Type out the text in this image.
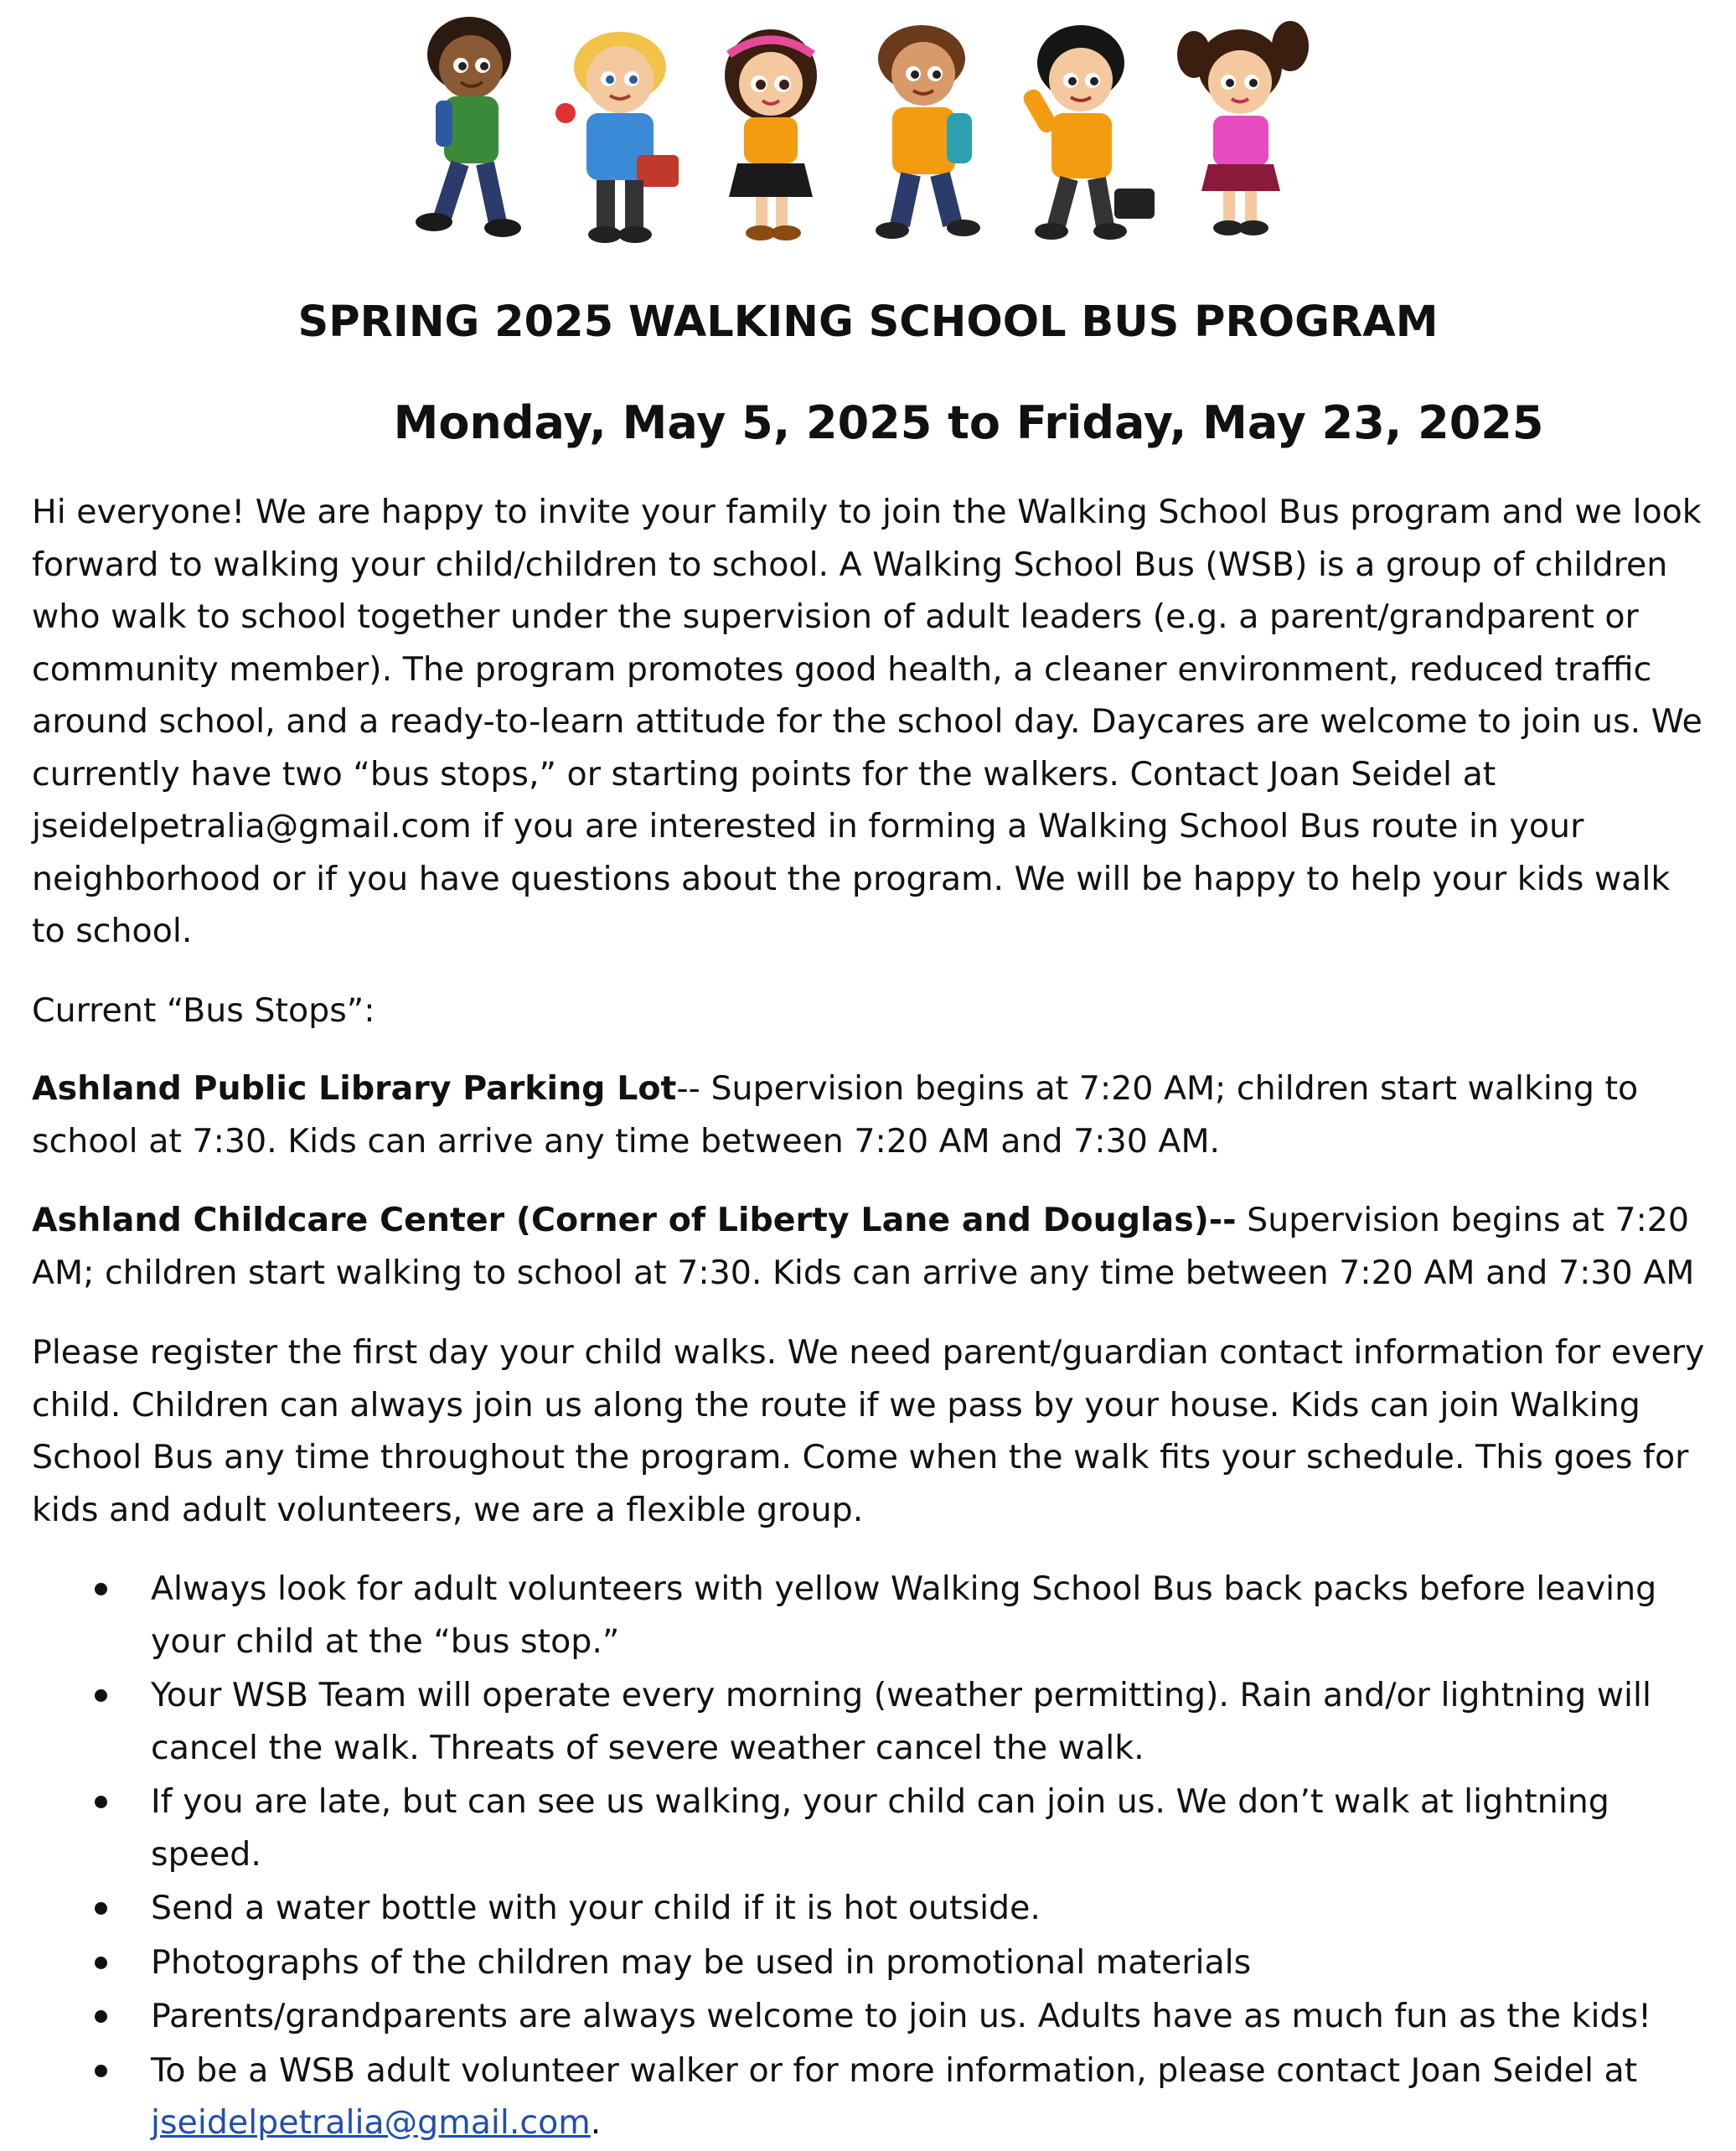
SPRING 2025 WALKING SCHOOL BUS PROGRAM
Monday, May 5, 2025 to Friday, May 23, 2025

Hi everyone! We are happy to invite your family to join the Walking School Bus program and we look forward to walking your child/children to school. A Walking School Bus (WSB) is a group of children who walk to school together under the supervision of adult leaders (e.g. a parent/grandparent or community member). The program promotes good health, a cleaner environment, reduced traffic around school, and a ready-to-learn attitude for the school day. Daycares are welcome to join us. We currently have two “bus stops,” or starting points for the walkers. Contact Joan Seidel at jseidelpetralia@gmail.com if you are interested in forming a Walking School Bus route in your neighborhood or if you have questions about the program. We will be happy to help your kids walk to school.

Current “Bus Stops”:

Ashland Public Library Parking Lot-- Supervision begins at 7:20 AM; children start walking to school at 7:30. Kids can arrive any time between 7:20 AM and 7:30 AM.

Ashland Childcare Center (Corner of Liberty Lane and Douglas)-- Supervision begins at 7:20 AM; children start walking to school at 7:30. Kids can arrive any time between 7:20 AM and 7:30 AM

Please register the first day your child walks. We need parent/guardian contact information for every child. Children can always join us along the route if we pass by your house. Kids can join Walking School Bus any time throughout the program. Come when the walk fits your schedule. This goes for kids and adult volunteers, we are a flexible group.

Always look for adult volunteers with yellow Walking School Bus back packs before leaving your child at the “bus stop.”
Your WSB Team will operate every morning (weather permitting). Rain and/or lightning will cancel the walk. Threats of severe weather cancel the walk.
If you are late, but can see us walking, your child can join us. We don’t walk at lightning speed.
Send a water bottle with your child if it is hot outside.
Photographs of the children may be used in promotional materials
Parents/grandparents are always welcome to join us. Adults have as much fun as the kids!
To be a WSB adult volunteer walker or for more information, please contact Joan Seidel at jseidelpetralia@gmail.com.
